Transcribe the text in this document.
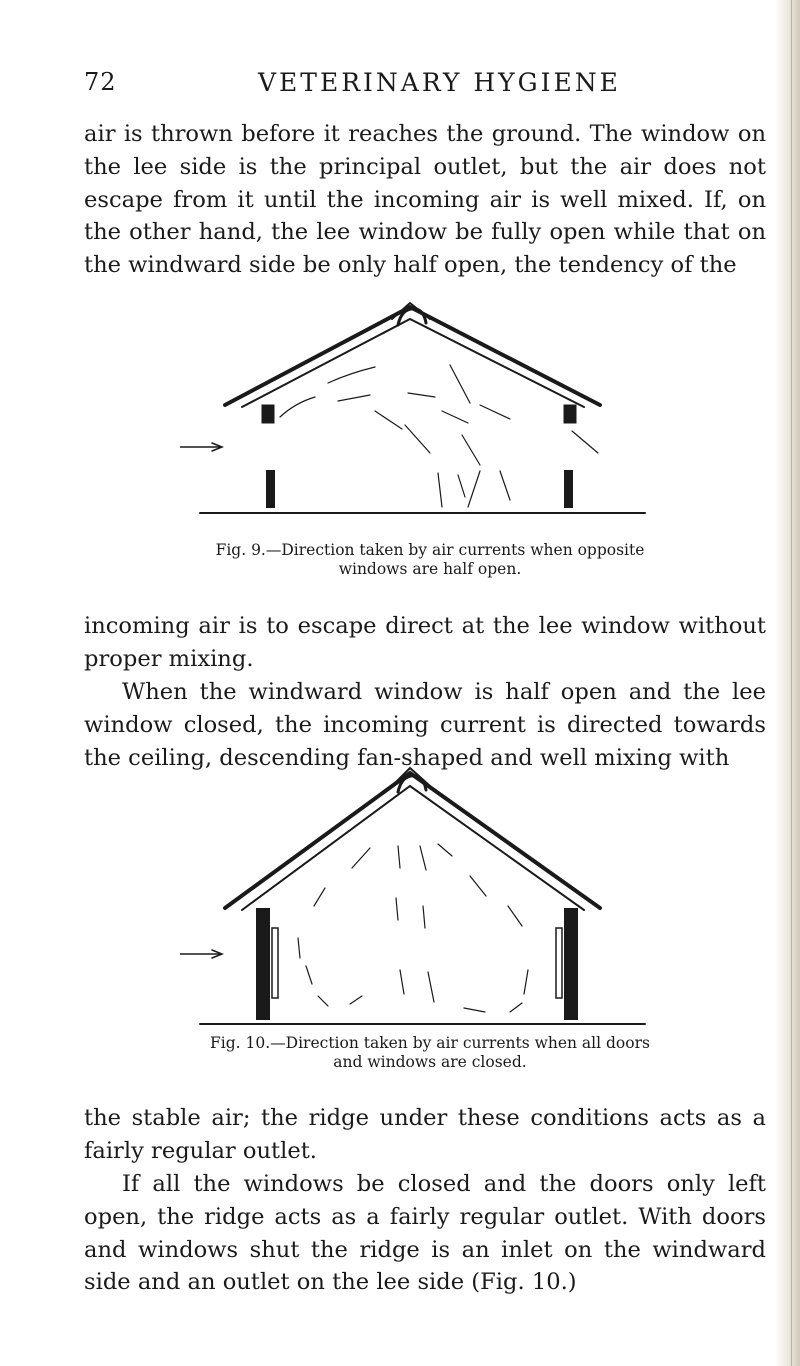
72	VETERINARY HYGIENE

air is thrown before it reaches the ground. The window on the lee side is the principal outlet, but the air does not escape from it until the incoming air is well mixed. If, on the other hand, the lee window be fully open while that on the windward side be only half open, the tendency of the

Fig. 9.—Direction taken by air currents when opposite windows are half open.

incoming air is to escape direct at the lee window without proper mixing.

When the windward window is half open and the lee window closed, the incoming current is directed towards the ceiling, descending fan-shaped and well mixing with

Fig. 10.—Direction taken by air currents when all doors and windows are closed.

the stable air; the ridge under these conditions acts as a fairly regular outlet.

If all the windows be closed and the doors only left open, the ridge acts as a fairly regular outlet. With doors and windows shut the ridge is an inlet on the windward side and an outlet on the lee side (Fig. 10.)
